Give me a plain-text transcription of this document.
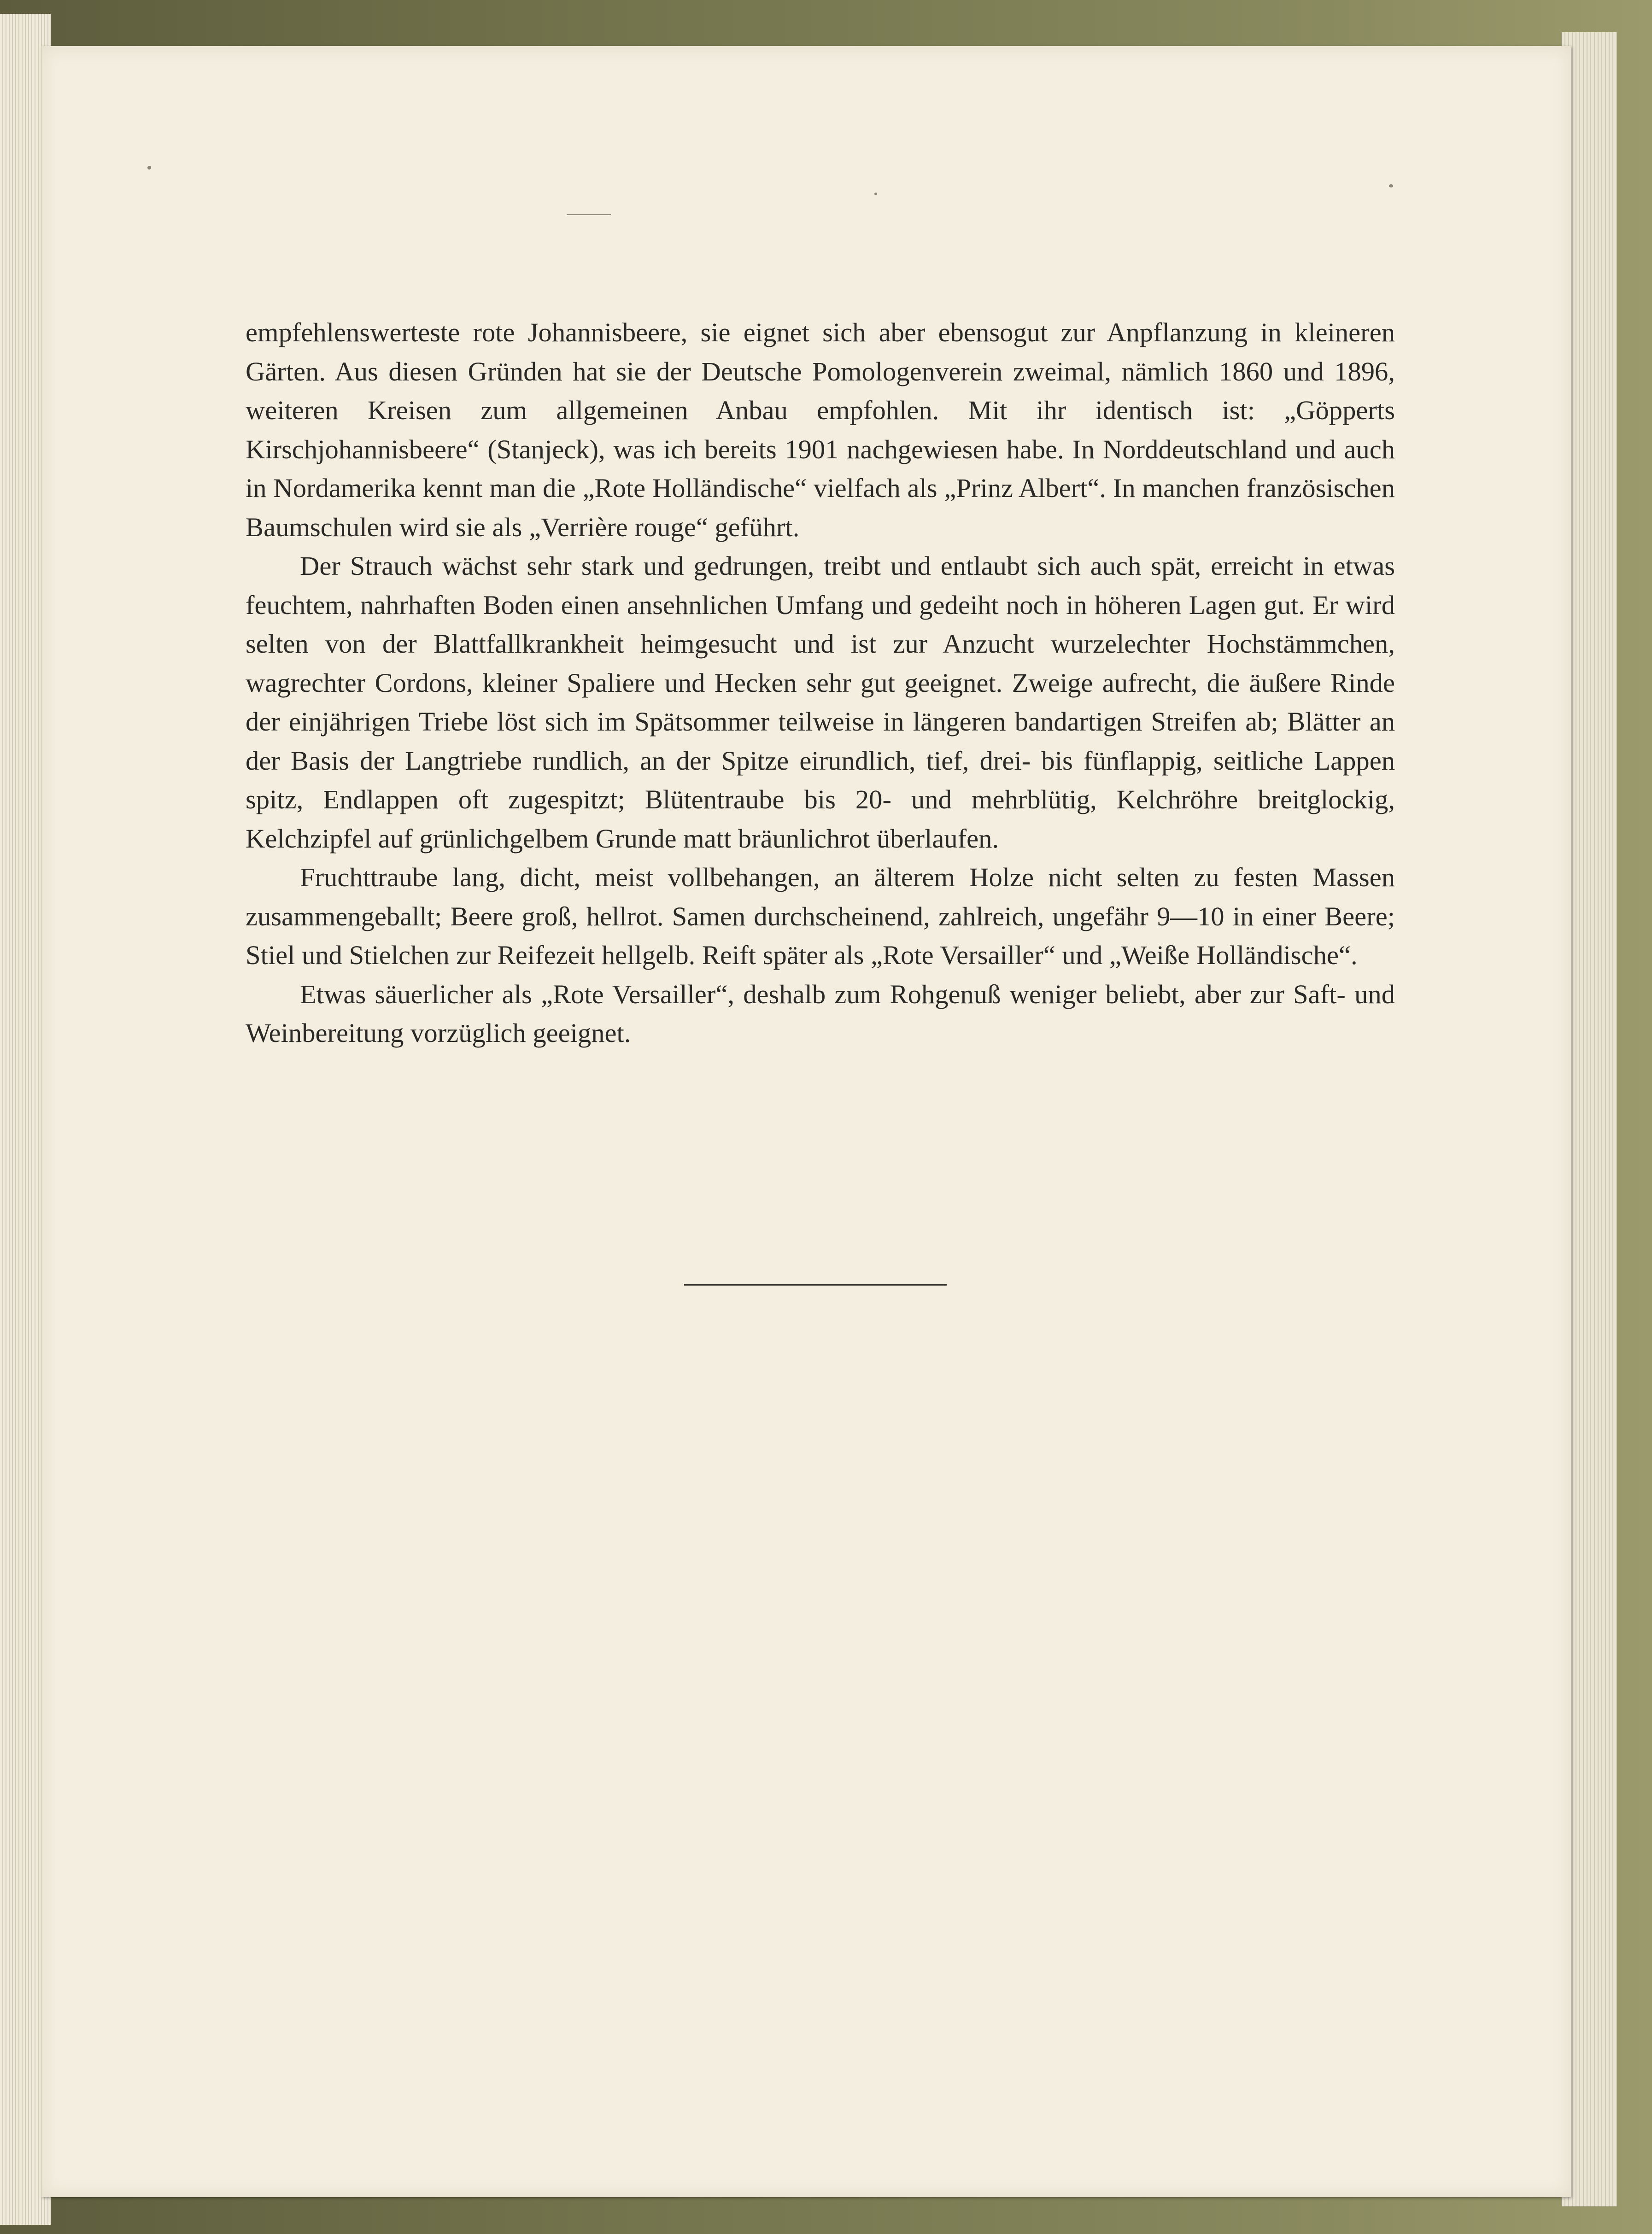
empfehlenswerteste rote Johannisbeere, sie eignet sich aber ebensogut zur Anpflanzung in kleineren Gärten. Aus diesen Gründen hat sie der Deutsche Pomologenverein zweimal, nämlich 1860 und 1896, weiteren Kreisen zum allgemeinen Anbau empfohlen. Mit ihr identisch ist: „Göpperts Kirschjohannisbeere“ (Stanjeck), was ich bereits 1901 nachgewiesen habe. In Norddeutschland und auch in Nordamerika kennt man die „Rote Holländische“ vielfach als „Prinz Albert“. In manchen französischen Baumschulen wird sie als „Verrière rouge“ geführt.

Der Strauch wächst sehr stark und gedrungen, treibt und entlaubt sich auch spät, erreicht in etwas feuchtem, nahrhaften Boden einen ansehnlichen Umfang und gedeiht noch in höheren Lagen gut. Er wird selten von der Blattfallkrankheit heimgesucht und ist zur Anzucht wurzelechter Hochstämmchen, wagrechter Cordons, kleiner Spaliere und Hecken sehr gut geeignet. Zweige aufrecht, die äußere Rinde der einjährigen Triebe löst sich im Spätsommer teilweise in längeren bandartigen Streifen ab; Blätter an der Basis der Langtriebe rundlich, an der Spitze eirundlich, tief, drei- bis fünflappig, seitliche Lappen spitz, Endlappen oft zugespitzt; Blütentraube bis 20- und mehrblütig, Kelchröhre breitglockig, Kelchzipfel auf grünlichgelbem Grunde matt bräunlichrot überlaufen.

Fruchttraube lang, dicht, meist vollbehangen, an älterem Holze nicht selten zu festen Massen zusammengeballt; Beere groß, hellrot. Samen durchscheinend, zahlreich, ungefähr 9—10 in einer Beere; Stiel und Stielchen zur Reifezeit hellgelb. Reift später als „Rote Versailler“ und „Weiße Holländische“.

Etwas säuerlicher als „Rote Versailler“, deshalb zum Rohgenuß weniger beliebt, aber zur Saft- und Weinbereitung vorzüglich geeignet.
